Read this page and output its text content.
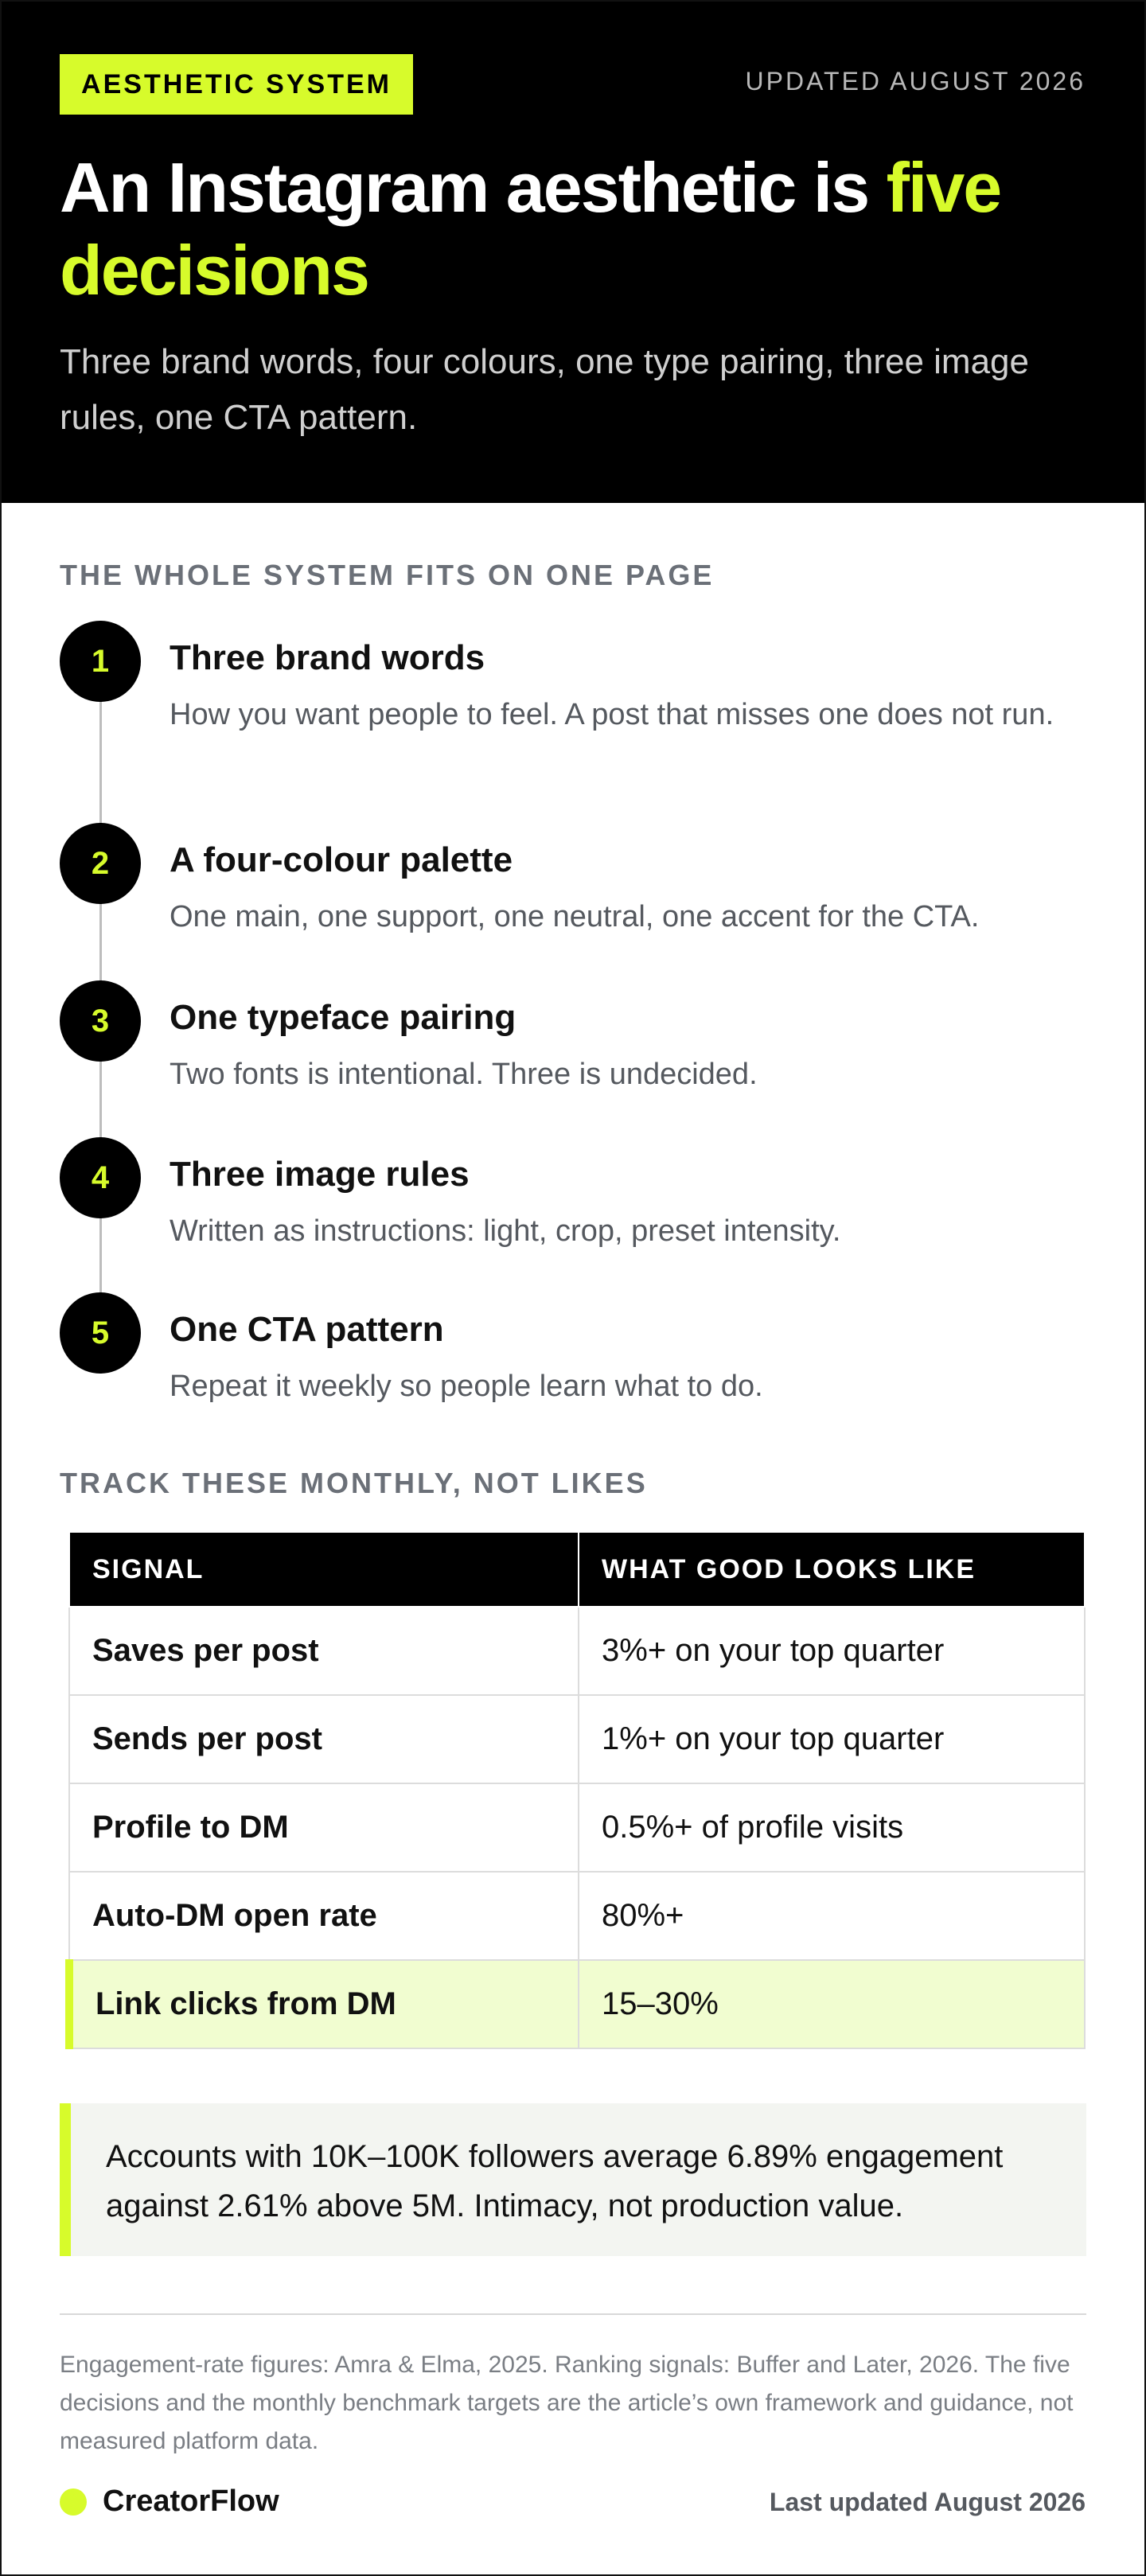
AESTHETIC SYSTEM	UPDATED AUGUST 2026
An Instagram aesthetic is five decisions

Three brand words, four colours, one type pairing, three image rules, one CTA pattern.

THE WHOLE SYSTEM FITS ON ONE PAGE
1	Three brand words
How you want people to feel. A post that misses one does not run.
2	A four-colour palette
One main, one support, one neutral, one accent for the CTA.
3	One typeface pairing
Two fonts is intentional. Three is undecided.
4	Three image rules
Written as instructions: light, crop, preset intensity.
5	One CTA pattern
Repeat it weekly so people learn what to do.
TRACK THESE MONTHLY, NOT LIKES
SIGNAL	WHAT GOOD LOOKS LIKE
Saves per post	3%+ on your top quarter
Sends per post	1%+ on your top quarter
Profile to DM	0.5%+ of profile visits
Auto-DM open rate	80%+
Link clicks from DM	15–30%
Accounts with 10K–100K followers average 6.89% engagement against 2.61% above 5M. Intimacy, not production value.

Engagement-rate figures: Amra & Elma, 2025. Ranking signals: Buffer and Later, 2026. The five decisions and the monthly benchmark targets are the article’s own framework and guidance, not measured platform data.

CreatorFlow	Last updated August 2026
